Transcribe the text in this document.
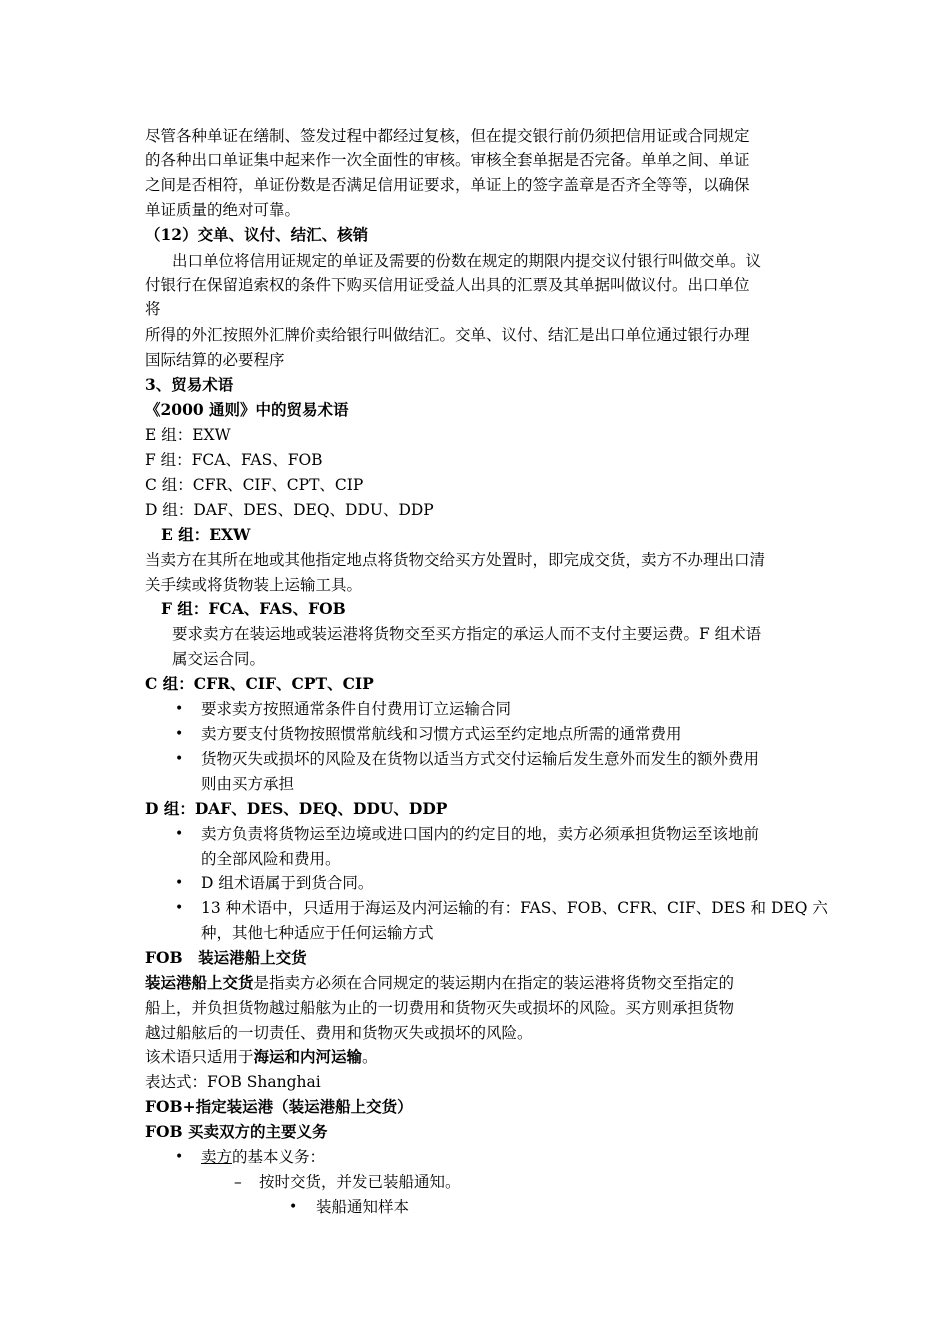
尽管各种单证在缮制、签发过程中都经过复核，但在提交银行前仍须把信用证或合同规定
的各种出口单证集中起来作一次全面性的审核。审核全套单据是否完备。单单之间、单证
之间是否相符，单证份数是否满足信用证要求，单证上的签字盖章是否齐全等等，以确保
单证质量的绝对可靠。
（12）交单、议付、结汇、核销
出口单位将信用证规定的单证及需要的份数在规定的期限内提交议付银行叫做交单。议
付银行在保留追索权的条件下购买信用证受益人出具的汇票及其单据叫做议付。出口单位
将
所得的外汇按照外汇牌价卖给银行叫做结汇。交单、议付、结汇是出口单位通过银行办理
国际结算的必要程序
3、贸易术语
《2000 通则》中的贸易术语
E 组：EXW
F 组：FCA、FAS、FOB
C 组：CFR、CIF、CPT、CIP
D 组：DAF、DES、DEQ、DDU、DDP
E 组：EXW
当卖方在其所在地或其他指定地点将货物交给买方处置时，即完成交货，卖方不办理出口清
关手续或将货物装上运输工具。
F 组：FCA、FAS、FOB
要求卖方在装运地或装运港将货物交至买方指定的承运人而不支付主要运费。F 组术语
属交运合同。
C 组：CFR、CIF、CPT、CIP
• 要求卖方按照通常条件自付费用订立运输合同
• 卖方要支付货物按照惯常航线和习惯方式运至约定地点所需的通常费用
• 货物灭失或损坏的风险及在货物以适当方式交付运输后发生意外而发生的额外费用
则由买方承担
D 组：DAF、DES、DEQ、DDU、DDP
• 卖方负责将货物运至边境或进口国内的约定目的地，卖方必须承担货物运至该地前
的全部风险和费用。
• D 组术语属于到货合同。
• 13 种术语中，只适用于海运及内河运输的有：FAS、FOB、CFR、CIF、DES 和 DEQ 六
种，其他七种适应于任何运输方式
FOB　装运港船上交货
装运港船上交货是指卖方必须在合同规定的装运期内在指定的装运港将货物交至指定的
船上，并负担货物越过船舷为止的一切费用和货物灭失或损坏的风险。买方则承担货物
越过船舷后的一切责任、费用和货物灭失或损坏的风险。
该术语只适用于海运和内河运输。
表达式：FOB Shanghai
FOB+指定装运港（装运港船上交货）
FOB 买卖双方的主要义务
• 卖方的基本义务：
– 按时交货，并发已装船通知。
• 装船通知样本
